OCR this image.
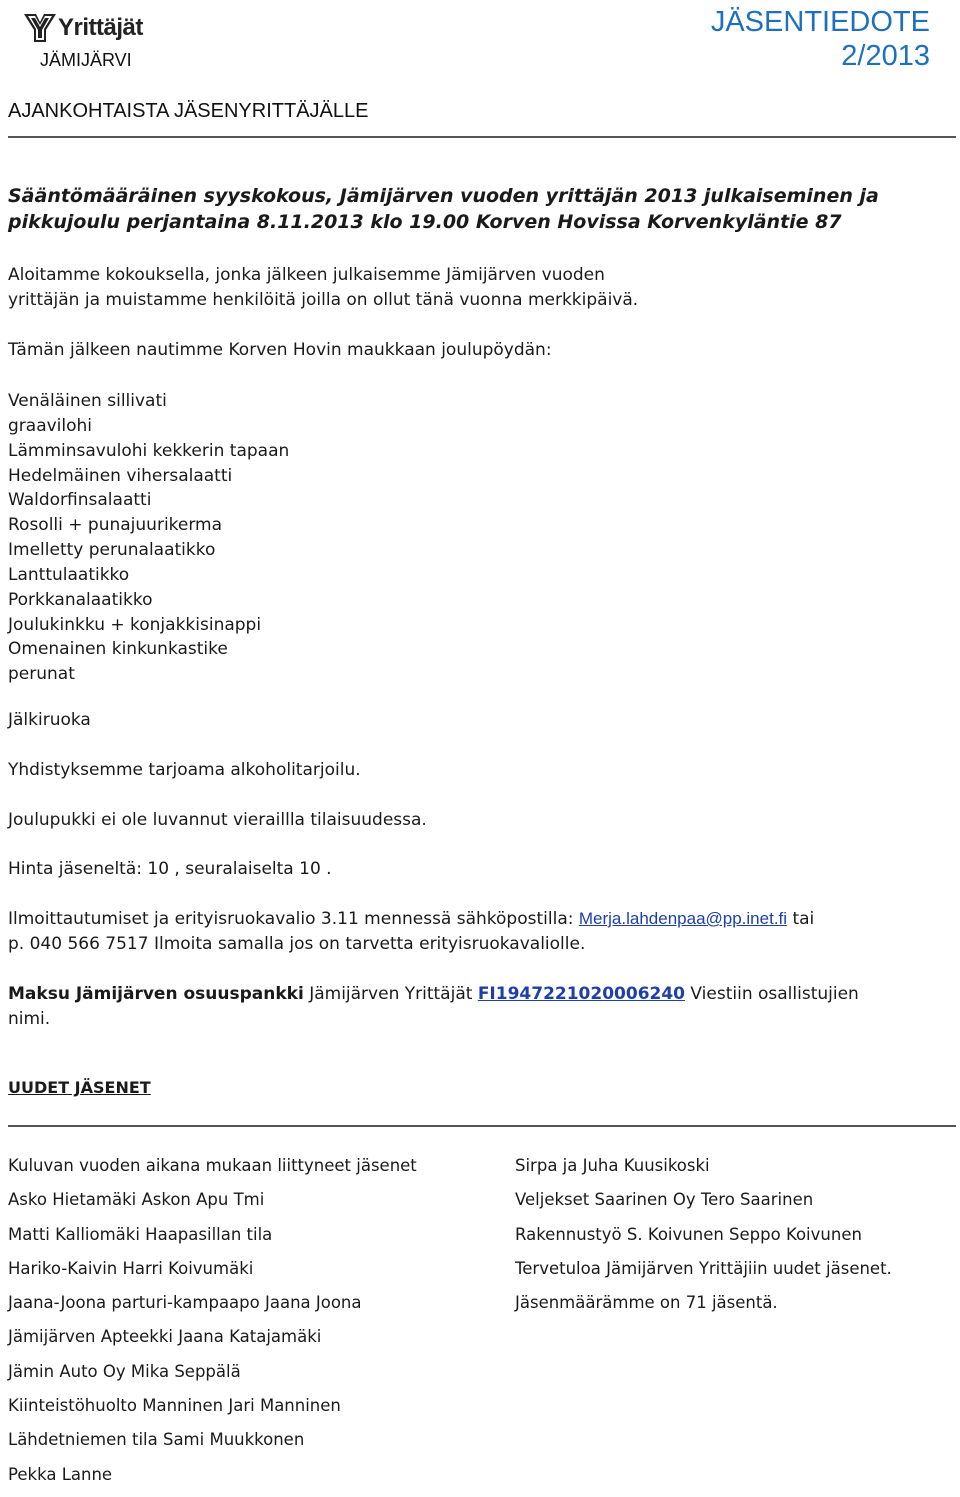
Yrittäjät
JÄMIJÄRVI
JÄSENTIEDOTE
2/2013
AJANKOHTAISTA JÄSENYRITTÄJÄLLE
Sääntömääräinen syyskokous, Jämijärven vuoden yrittäjän 2013 julkaiseminen ja
pikkujoulu perjantaina 8.11.2013 klo 19.00 Korven Hovissa Korvenkyläntie 87
Aloitamme kokouksella, jonka jälkeen julkaisemme Jämijärven vuoden
yrittäjän ja muistamme henkilöitä joilla on ollut tänä vuonna merkkipäivä.
Tämän jälkeen nautimme Korven Hovin maukkaan joulupöydän:
Venäläinen sillivati
graavilohi
Lämminsavulohi kekkerin tapaan
Hedelmäinen vihersalaatti
Waldorfinsalaatti
Rosolli + punajuurikerma
Imelletty perunalaatikko
Lanttulaatikko
Porkkanalaatikko
Joulukinkku + konjakkisinappi
Omenainen kinkunkastike
perunat
Jälkiruoka
Yhdistyksemme tarjoama alkoholitarjoilu.
Joulupukki ei ole luvannut vieraillla tilaisuudessa.
Hinta jäseneltä: 10 , seuralaiselta 10 .
Ilmoittautumiset ja erityisruokavalio 3.11 mennessä sähköpostilla: Merja.lahdenpaa@pp.inet.fi tai
p. 040 566 7517 Ilmoita samalla jos on tarvetta erityisruokavaliolle.
Maksu Jämijärven osuuspankki Jämijärven Yrittäjät FI1947221020006240 Viestiin osallistujien
nimi.
UUDET JÄSENET
Kuluvan vuoden aikana mukaan liittyneet jäsenet
Asko Hietamäki Askon Apu Tmi
Matti Kalliomäki Haapasillan tila
Hariko-Kaivin Harri Koivumäki
Jaana-Joona parturi-kampaapo Jaana Joona
Jämijärven Apteekki Jaana Katajamäki
Jämin Auto Oy Mika Seppälä
Kiinteistöhuolto Manninen Jari Manninen
Lähdetniemen tila Sami Muukkonen
Pekka Lanne
Sirpa ja Juha Kuusikoski
Veljekset Saarinen Oy Tero Saarinen
Rakennustyö S. Koivunen Seppo Koivunen
Tervetuloa Jämijärven Yrittäjiin uudet jäsenet.
Jäsenmäärämme on 71 jäsentä.
